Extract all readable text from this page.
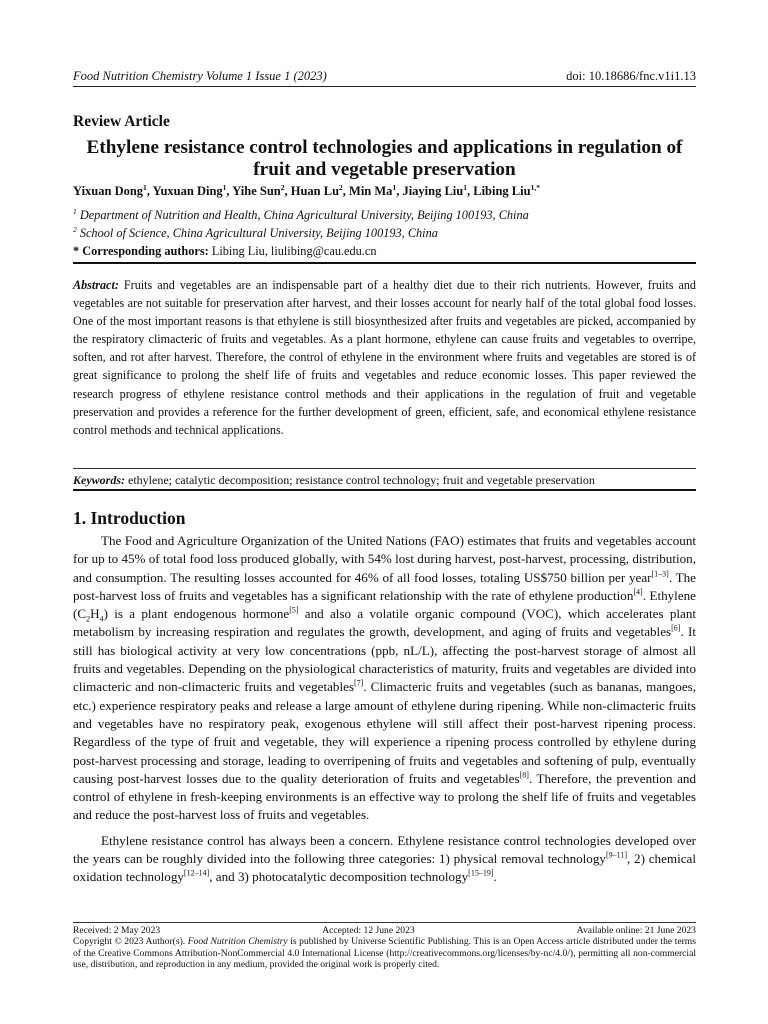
Food Nutrition Chemistry Volume 1 Issue 1 (2023)	doi: 10.18686/fnc.v1i1.13
Review Article
Ethylene resistance control technologies and applications in regulation of fruit and vegetable preservation
Yixuan Dong$^1$, Yuxuan Ding$^1$, Yihe Sun$^2$, Huan Lu$^2$, Min Ma$^1$, Jiaying Liu$^1$, Libing Liu$^{1,*}$
$^1$ Department of Nutrition and Health, China Agricultural University, Beijing 100193, China
$^2$ School of Science, China Agricultural University, Beijing 100193, China
* Corresponding authors: Libing Liu, liulibing@cau.edu.cn
Abstract: Fruits and vegetables are an indispensable part of a healthy diet due to their rich nutrients. However, fruits and vegetables are not suitable for preservation after harvest, and their losses account for nearly half of the total global food losses. One of the most important reasons is that ethylene is still biosynthesized after fruits and vegetables are picked, accompanied by the respiratory climacteric of fruits and vegetables. As a plant hormone, ethylene can cause fruits and vegetables to overripe, soften, and rot after harvest. Therefore, the control of ethylene in the environment where fruits and vegetables are stored is of great significance to prolong the shelf life of fruits and vegetables and reduce economic losses. This paper reviewed the research progress of ethylene resistance control methods and their applications in the regulation of fruit and vegetable preservation and provides a reference for the further development of green, efficient, safe, and economical ethylene resistance control methods and technical applications.
Keywords: ethylene; catalytic decomposition; resistance control technology; fruit and vegetable preservation
1. Introduction

The Food and Agriculture Organization of the United Nations (FAO) estimates that fruits and vegetables account for up to 45% of total food loss produced globally, with 54% lost during harvest, post-harvest, processing, distribution, and consumption. The resulting losses accounted for 46% of all food losses, totaling US$750 billion per year[1–3]. The post-harvest loss of fruits and vegetables has a significant relationship with the rate of ethylene production[4]. Ethylene $(C_2H_4)$ is a plant endogenous hormone[5] and also a volatile organic compound (VOC), which accelerates plant metabolism by increasing respiration and regulates the growth, development, and aging of fruits and vegetables[6]. It still has biological activity at very low concentrations (ppb, nL/L), affecting the post-harvest storage of almost all fruits and vegetables. Depending on the physiological characteristics of maturity, fruits and vegetables are divided into climacteric and non-climacteric fruits and vegetables[7]. Climacteric fruits and vegetables (such as bananas, mangoes, etc.) experience respiratory peaks and release a large amount of ethylene during ripening. While non-climacteric fruits and vegetables have no respiratory peak, exogenous ethylene will still affect their post-harvest ripening process. Regardless of the type of fruit and vegetable, they will experience a ripening process controlled by ethylene during post-harvest processing and storage, leading to overripening of fruits and vegetables and softening of pulp, eventually causing post-harvest losses due to the quality deterioration of fruits and vegetables[8]. Therefore, the prevention and control of ethylene in fresh-keeping environments is an effective way to prolong the shelf life of fruits and vegetables and reduce the post-harvest loss of fruits and vegetables.

Ethylene resistance control has always been a concern. Ethylene resistance control technologies developed over the years can be roughly divided into the following three categories: 1) physical removal technology[9–11], 2) chemical oxidation technology[12–14], and 3) photocatalytic decomposition technology[15–19].

Received: 2 May 2023	Accepted: 12 June 2023	Available online: 21 June 2023
Copyright © 2023 Author(s). Food Nutrition Chemistry is published by Universe Scientific Publishing. This is an Open Access article distributed under the terms of the Creative Commons Attribution-NonCommercial 4.0 International License (http://creativecommons.org/licenses/by-nc/4.0/), permitting all non-commercial use, distribution, and reproduction in any medium, provided the original work is properly cited.
